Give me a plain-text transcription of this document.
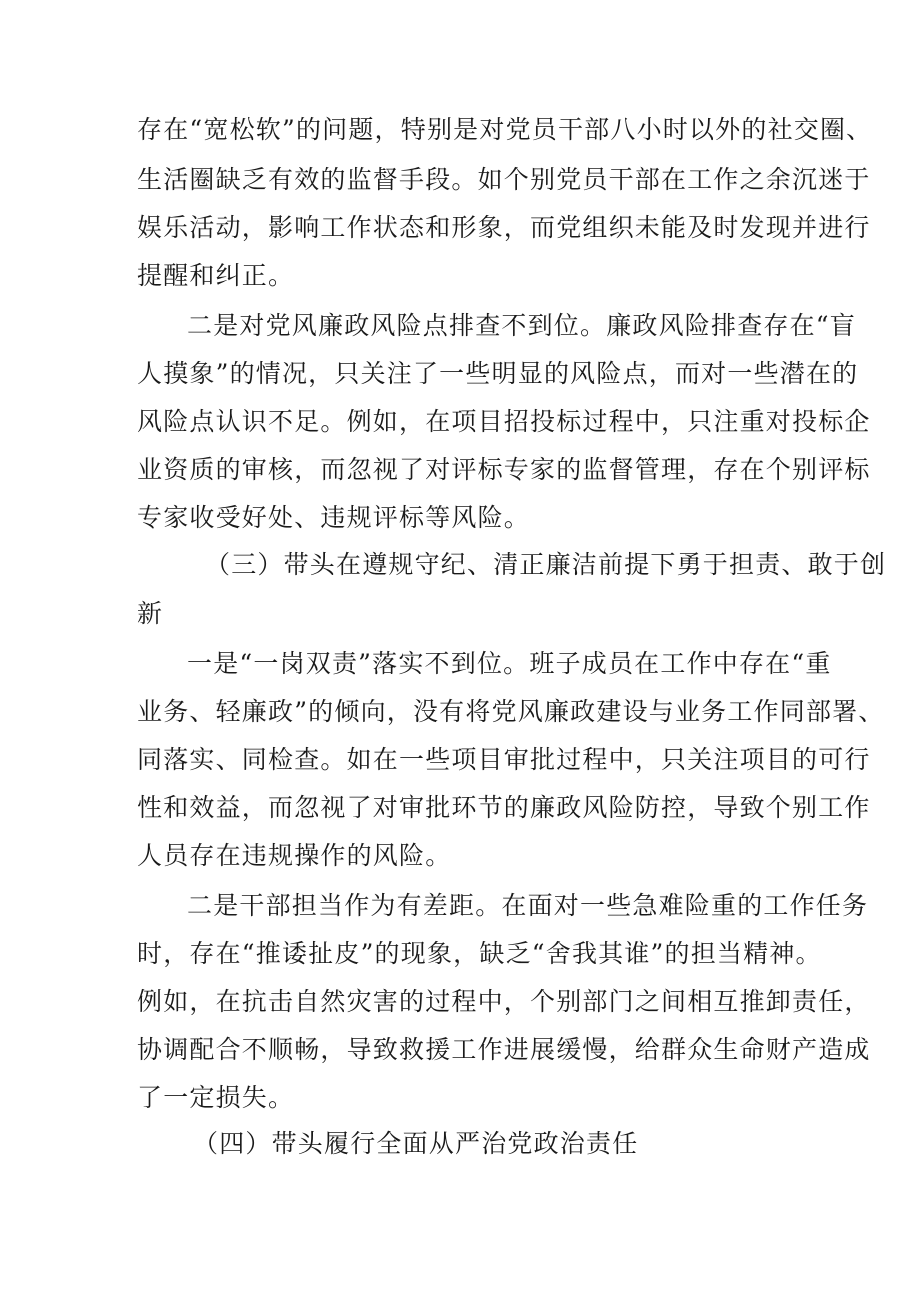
存在“宽松软”的问题，特别是对党员干部八小时以外的社交圈、
生活圈缺乏有效的监督手段。如个别党员干部在工作之余沉迷于
娱乐活动，影响工作状态和形象，而党组织未能及时发现并进行
提醒和纠正。
二是对党风廉政风险点排查不到位。廉政风险排查存在“盲
人摸象”的情况，只关注了一些明显的风险点，而对一些潜在的
风险点认识不足。例如，在项目招投标过程中，只注重对投标企
业资质的审核，而忽视了对评标专家的监督管理，存在个别评标
专家收受好处、违规评标等风险。
（三）带头在遵规守纪、清正廉洁前提下勇于担责、敢于创
新
一是“一岗双责”落实不到位。班子成员在工作中存在“重
业务、轻廉政”的倾向，没有将党风廉政建设与业务工作同部署、
同落实、同检查。如在一些项目审批过程中，只关注项目的可行
性和效益，而忽视了对审批环节的廉政风险防控，导致个别工作
人员存在违规操作的风险。
二是干部担当作为有差距。在面对一些急难险重的工作任务
时，存在“推诿扯皮”的现象，缺乏“舍我其谁”的担当精神。
例如，在抗击自然灾害的过程中，个别部门之间相互推卸责任，
协调配合不顺畅，导致救援工作进展缓慢，给群众生命财产造成
了一定损失。
（四）带头履行全面从严治党政治责任
